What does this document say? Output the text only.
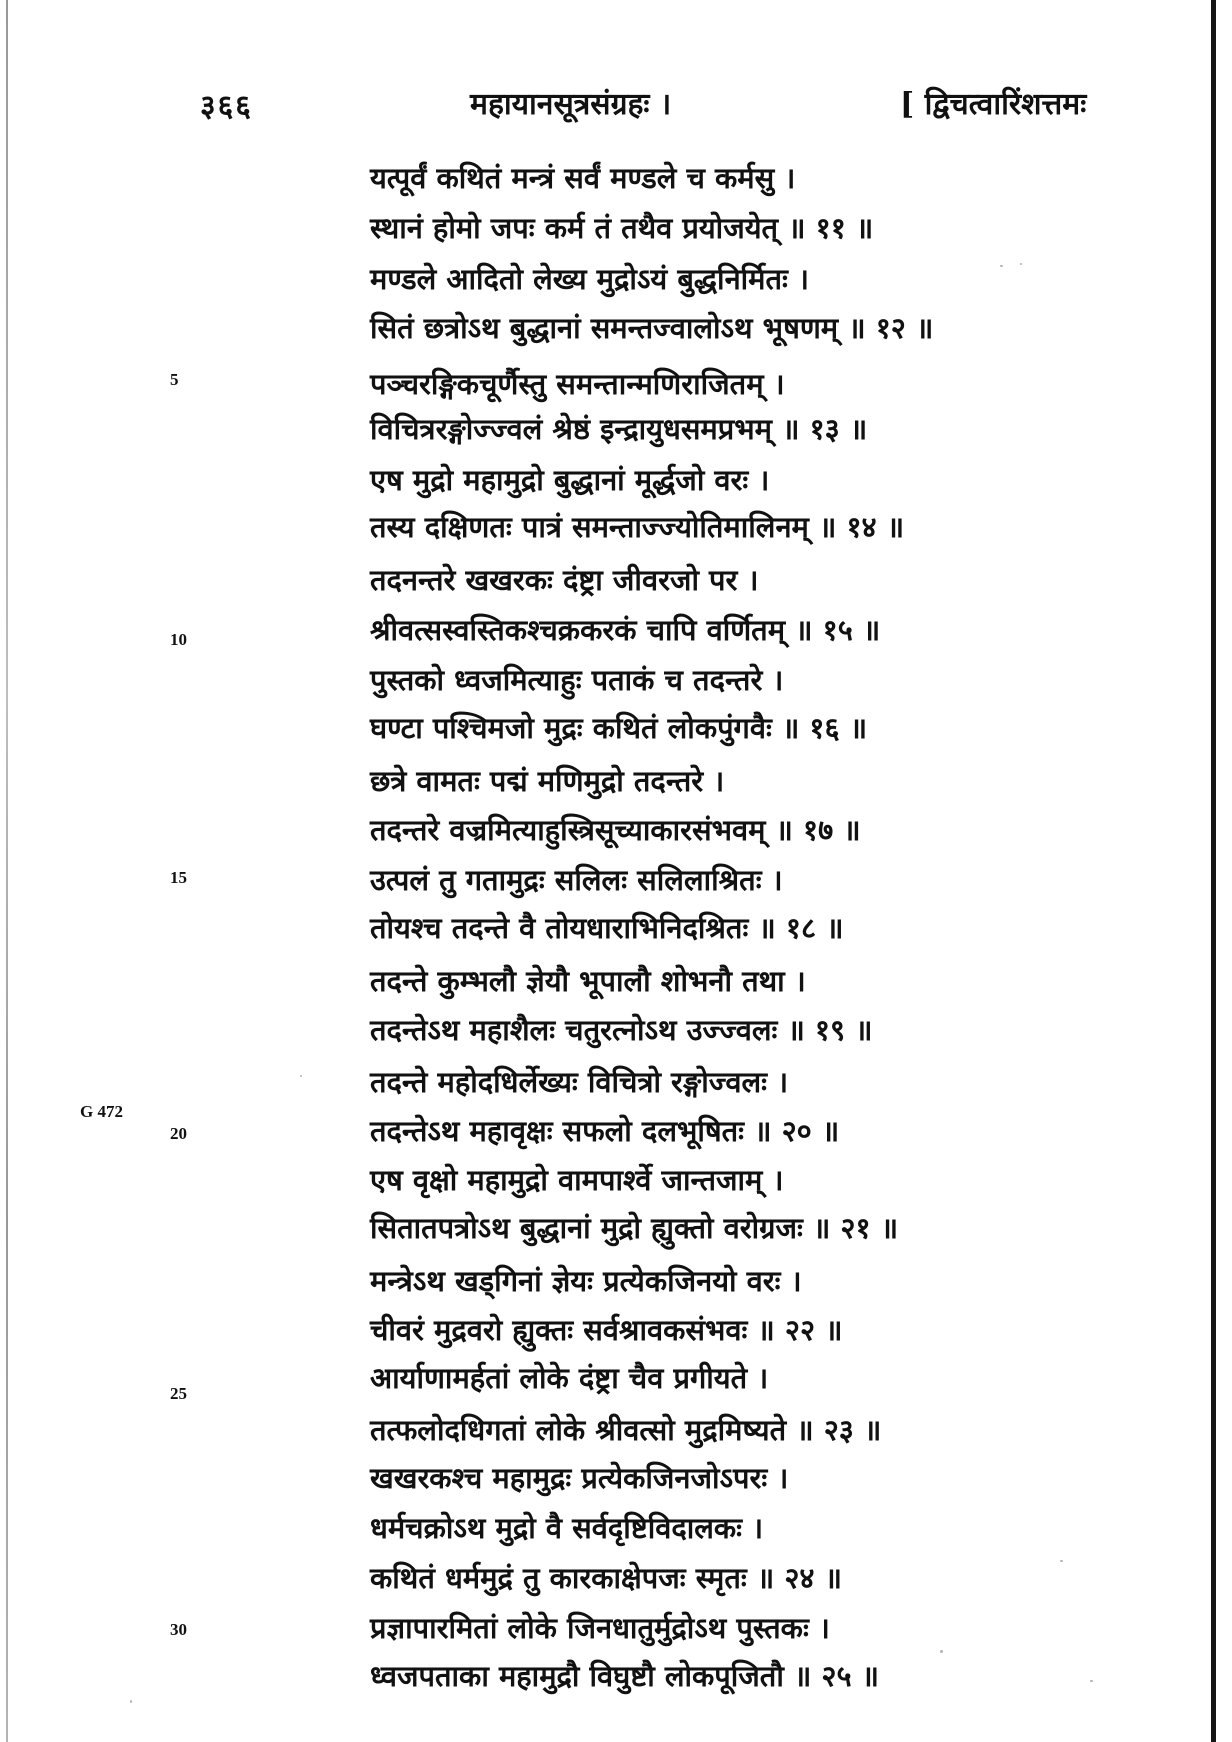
३६६	महायानसूत्रसंग्रहः ।	[ द्विचत्वारिंशत्तमः
यत्पूर्वं कथितं मन्त्रं सर्वं मण्डले च कर्मसु ।
स्थानं होमो जपः कर्म तं तथैव प्रयोजयेत् ॥ ११ ॥
मण्डले आदितो लेख्य मुद्रोऽयं बुद्धनिर्मितः ।
सितं छत्रोऽथ बुद्धानां समन्तज्वालोऽथ भूषणम् ॥ १२ ॥
पञ्चरङ्गिकचूर्णैस्तु समन्तान्मणिराजितम् ।
विचित्ररङ्गोज्ज्वलं श्रेष्ठं इन्द्रायुधसमप्रभम् ॥ १३ ॥
एष मुद्रो महामुद्रो बुद्धानां मूर्द्धजो वरः ।
तस्य दक्षिणतः पात्रं समन्ताज्ज्योतिमालिनम् ॥ १४ ॥
तदनन्तरे खखरकः दंष्ट्रा जीवरजो पर ।
श्रीवत्सस्वस्तिकश्चक्रकरकं चापि वर्णितम् ॥ १५ ॥
पुस्तको ध्वजमित्याहुः पताकं च तदन्तरे ।
घण्टा पश्चिमजो मुद्रः कथितं लोकपुंगवैः ॥ १६ ॥
छत्रे वामतः पद्मं मणिमुद्रो तदन्तरे ।
तदन्तरे वज्रमित्याहुस्त्रिसूच्याकारसंभवम् ॥ १७ ॥
उत्पलं तु गतामुद्रः सलिलः सलिलाश्रितः ।
तोयश्च तदन्ते वै तोयधाराभिनिदश्रितः ॥ १८ ॥
तदन्ते कुम्भलौ ज्ञेयौ भूपालौ शोभनौ तथा ।
तदन्तेऽथ महाशैलः चतुरत्नोऽथ उज्ज्वलः ॥ १९ ॥
तदन्ते महोदधिर्लेख्यः विचित्रो रङ्गोज्वलः ।
तदन्तेऽथ महावृक्षः सफलो दलभूषितः ॥ २० ॥
एष वृक्षो महामुद्रो वामपार्श्वे जान्तजाम् ।
सितातपत्रोऽथ बुद्धानां मुद्रो ह्युक्तो वरोग्रजः ॥ २१ ॥
मन्त्रेऽथ खड्गिनां ज्ञेयः प्रत्येकजिनयो वरः ।
चीवरं मुद्रवरो ह्युक्तः सर्वश्रावकसंभवः ॥ २२ ॥
आर्याणामर्हतां लोके दंष्ट्रा चैव प्रगीयते ।
तत्फलोदधिगतां लोके श्रीवत्सो मुद्रमिष्यते ॥ २३ ॥
खखरकश्च महामुद्रः प्रत्येकजिनजोऽपरः ।
धर्मचक्रोऽथ मुद्रो वै सर्वदृष्टिविदालकः ।
कथितं धर्ममुद्रं तु कारकाक्षेपजः स्मृतः ॥ २४ ॥
प्रज्ञापारमितां लोके जिनधातुर्मुद्रोऽथ पुस्तकः ।
ध्वजपताका महामुद्रौ विघुष्टौ लोकपूजितौ ॥ २५ ॥
5
10
15
20
25
30
G 472
